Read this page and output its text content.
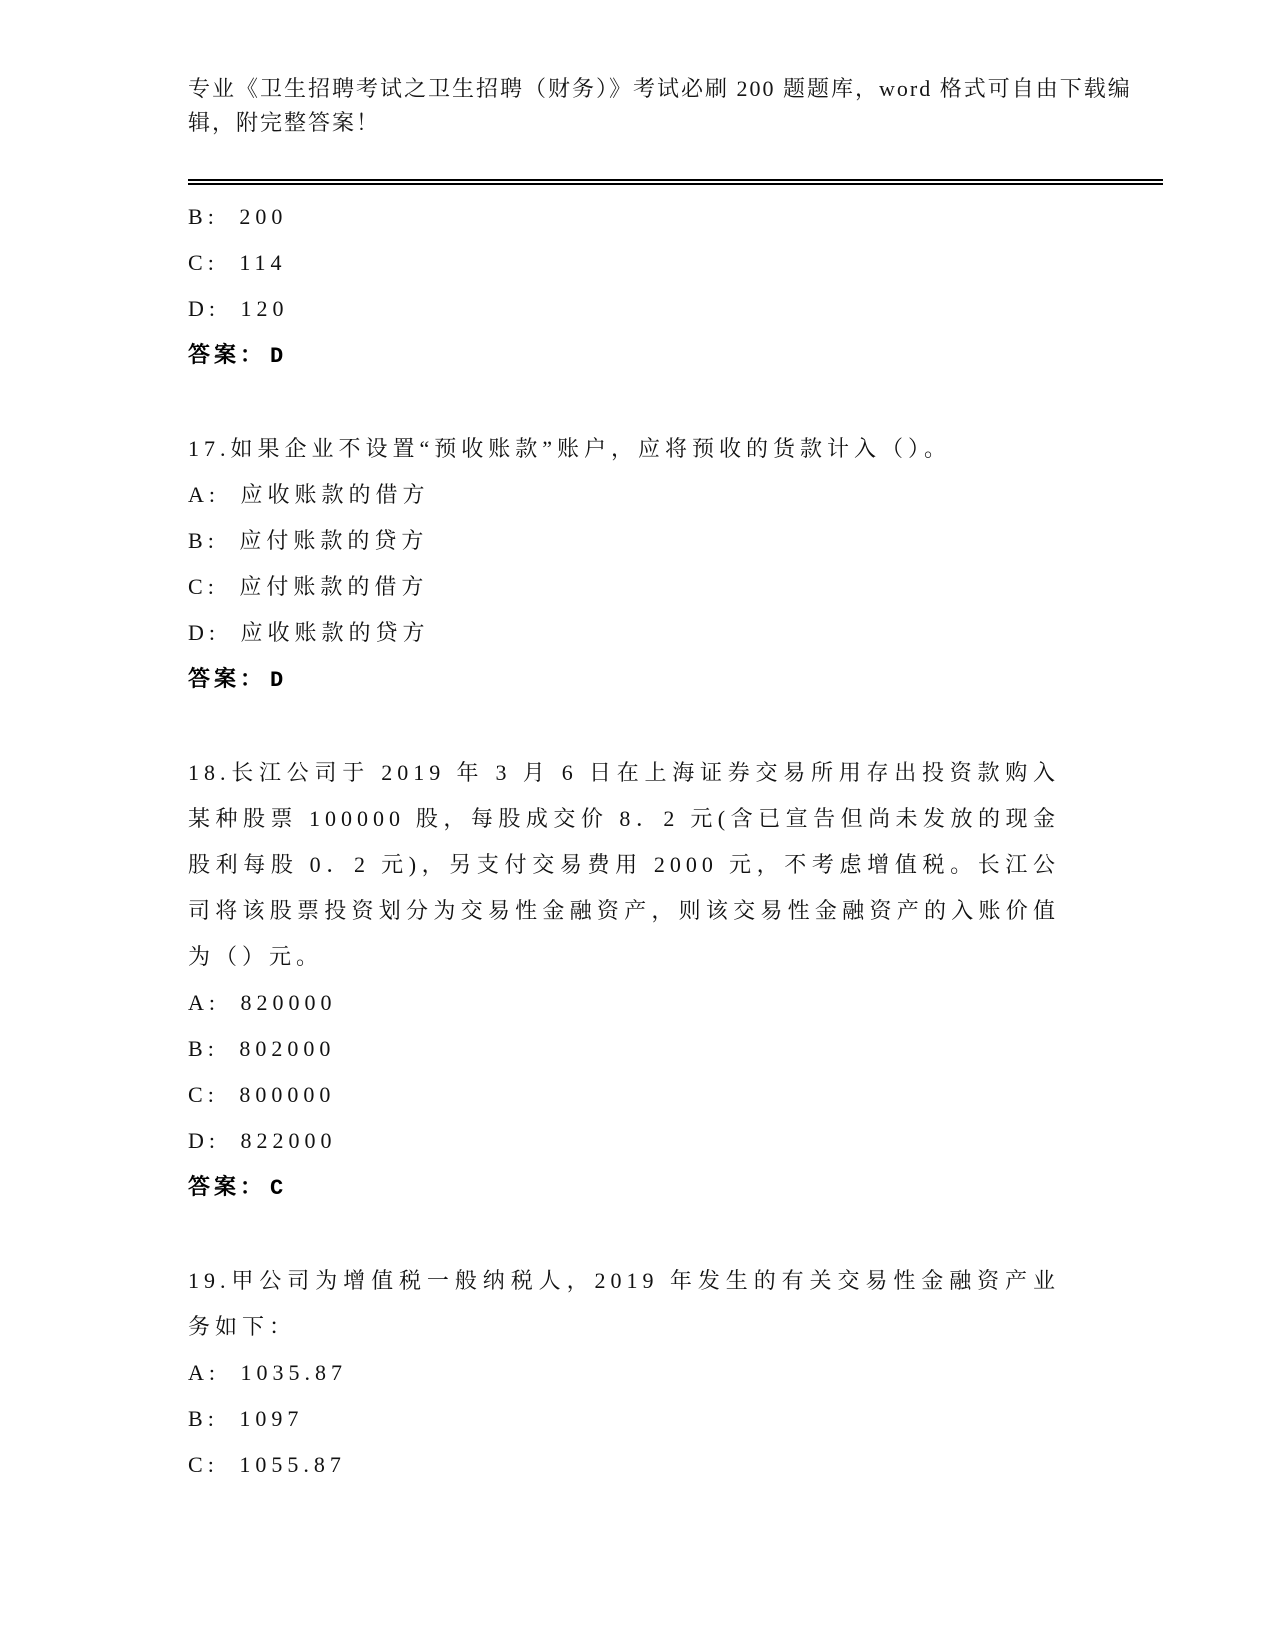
专业《卫生招聘考试之卫生招聘（财务）》考试必刷 200 题题库，word 格式可自由下载编辑，附完整答案！
B: 200
C: 114
D: 120
答案： D
17.如果企业不设置“预收账款”账户，应将预收的货款计入（）。
A: 应收账款的借方
B: 应付账款的贷方
C: 应付账款的借方
D: 应收账款的贷方
答案： D
18.长江公司于 2019 年 3 月 6 日在上海证券交易所用存出投资款购入某种股票 100000 股，每股成交价 8．2 元(含已宣告但尚未发放的现金股利每股 0．2 元)，另支付交易费用 2000 元，不考虑增值税。长江公司将该股票投资划分为交易性金融资产，则该交易性金融资产的入账价值为（）元。
A: 820000
B: 802000
C: 800000
D: 822000
答案： C
19.甲公司为增值税一般纳税人，2019 年发生的有关交易性金融资产业务如下：
A: 1035.87
B: 1097
C: 1055.87
